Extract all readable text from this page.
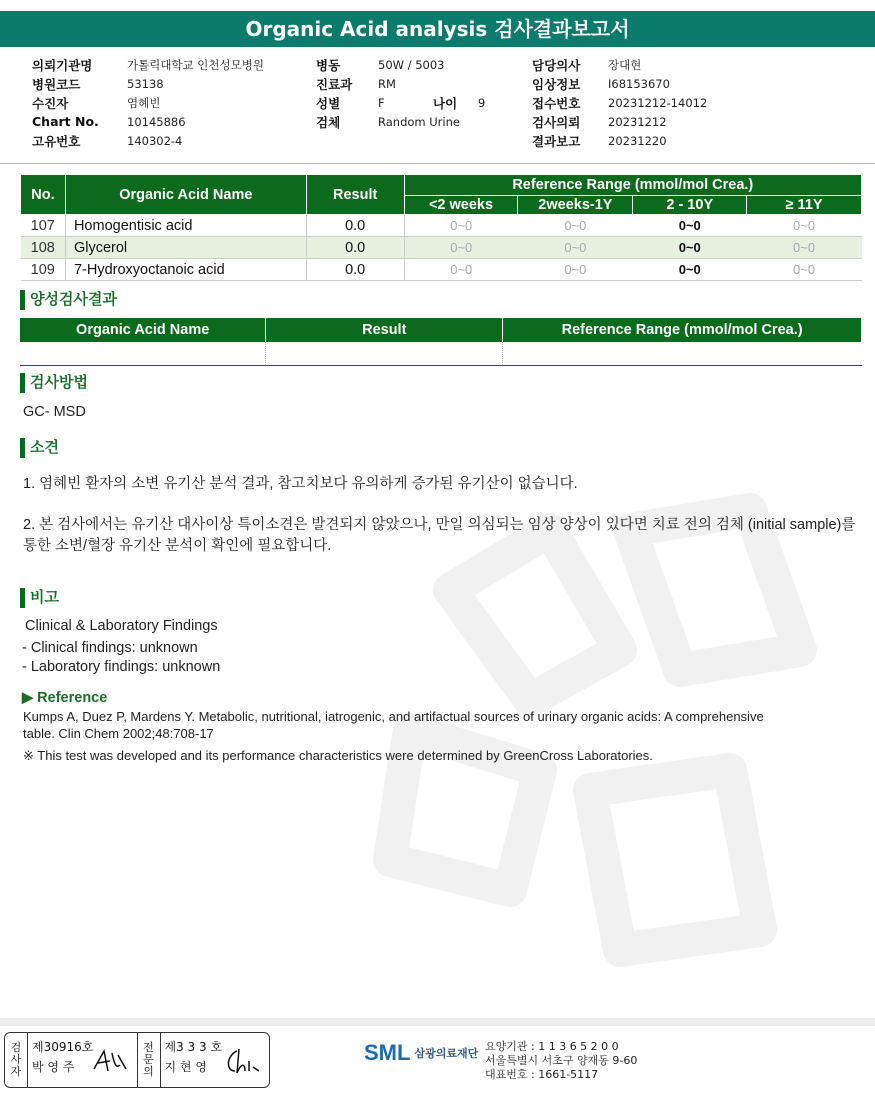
Organic Acid analysis 검사결과보고서
의뢰기관명	가톨릭대학교 인천성모병원
병원코드	53138
수진자	염혜빈
Chart No.	10145886
고유번호	140302-4
병동	50W / 5003
진료과	RM
성별	F	나이	9
검체	Random Urine
담당의사	장대현
임상정보	I68153670
접수번호	20231212-14012
검사의뢰	20231212
결과보고	20231220
No.	Organic Acid Name	Result	Reference Range (mmol/mol Crea.)			
			<2 weeks	2weeks-1Y	2 - 10Y	≥ 11Y
107	Homogentisic acid	0.0	0~0	0~0	0~0	0~0
108	Glycerol	0.0	0~0	0~0	0~0	0~0
109	7-Hydroxyoctanoic acid	0.0	0~0	0~0	0~0	0~0
양성검사결과
Organic Acid Name	Result	Reference Range (mmol/mol Crea.)

검사방법
GC- MSD
소견
1. 염혜빈 환자의 소변 유기산 분석 결과, 참고치보다 유의하게 증가된 유기산이 없습니다.
2. 본 검사에서는 유기산 대사이상 특이소견은 발견되지 않았으나, 만일 의심되는 임상 양상이 있다면 치료 전의 검체 (initial sample)를
통한 소변/혈장 유기산 분석이 확인에 필요합니다.
비고
Clinical & Laboratory Findings
- Clinical findings: unknown
- Laboratory findings: unknown
▶ Reference
Kumps A, Duez P, Mardens Y. Metabolic, nutritional, iatrogenic, and artifactual sources of urinary organic acids: A comprehensive
table. Clin Chem 2002;48:708-17
※ This test was developed and its performance characteristics were determined by GreenCross Laboratories.
검
사
자
제30916호
박 영 주
전
문
의
제3 3 3 호
지 현 영
SML 삼광의료재단
요양기관 : 1 1 3 6 5 2 0 0
서울특별시 서초구 양재동 9-60
대표번호 : 1661-5117
